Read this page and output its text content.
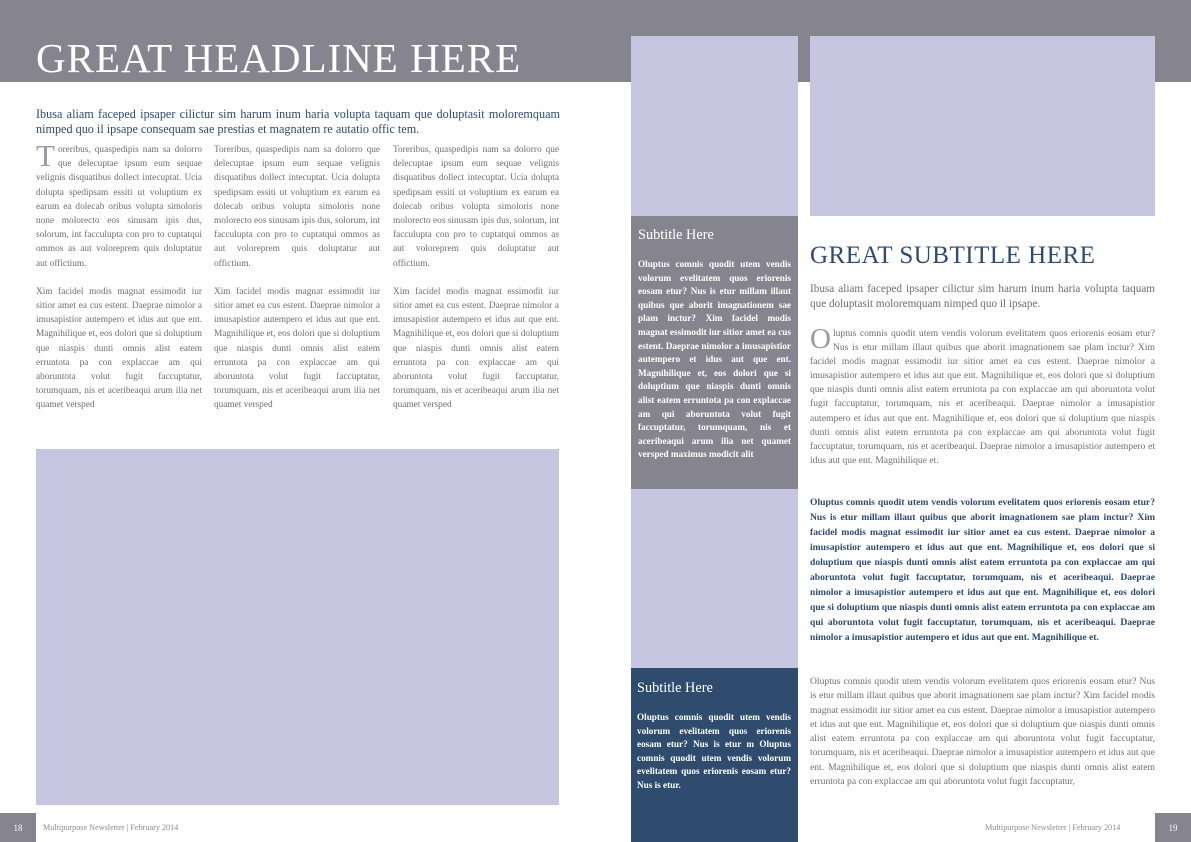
GREAT HEADLINE HERE
Ibusa aliam faceped ipsaper cilictur sim harum inum haria volupta taquam que doluptasit moloremquam nimped quo il ipsape consequam sae prestias et magnatem re autatio offic tem.

Toreribus, quaspedipis nam sa dolorro que delecuptae ipsum eum sequae velignis disquatibus dollect intecuptat. Ucia dolupta spedipsam essiti ut voluptium ex earum ea dolecab oribus volupta simoloris none molorecto eos sinusam ipis dus, solorum, int facculupta con pro to cuptatqui ommos as aut voloreprem quis doluptatur aut offictium.

Xim facidel modis magnat essimodit iur sitior amet ea cus estent. Daeprae nimolor a imusapistior autempero et idus aut que ent. Magnihilique et, eos dolori que si doluptium que niaspis dunti omnis alist eatem erruntota pa con explaccae am qui aboruntota volut fugit faccuptatur, torumquam, nis et aceribeaqui arum ilia net quamet versped

Toreribus, quaspedipis nam sa dolorro que delecuptae ipsum eum sequae velignis disquatibus dollect intecuptat. Ucia dolupta spedipsam essiti ut voluptium ex earum ea dolecab oribus volupta simoloris none molorecto eos sinusam ipis dus, solorum, int facculupta con pro to cuptatqui ommos as aut voloreprem quis doluptatur aut offictium.

Xim facidel modis magnat essimodit iur sitior amet ea cus estent. Daeprae nimolor a imusapistior autempero et idus aut que ent. Magnihilique et, eos dolori que si doluptium que niaspis dunti omnis alist eatem erruntota pa con explaccae am qui aboruntota volut fugit faccuptatur, torumquam, nis et aceribeaqui arum ilia net quamet versped

Toreribus, quaspedipis nam sa dolorro que delecuptae ipsum eum sequae velignis disquatibus dollect intecuptat. Ucia dolupta spedipsam essiti ut voluptium ex earum ea dolecab oribus volupta simoloris none molorecto eos sinusam ipis dus, solorum, int facculupta con pro to cuptatqui ommos as aut voloreprem quis doluptatur aut offictium.

Xim facidel modis magnat essimodit iur sitior amet ea cus estent. Daeprae nimolor a imusapistior autempero et idus aut que ent. Magnihilique et, eos dolori que si doluptium que niaspis dunti omnis alist eatem erruntota pa con explaccae am qui aboruntota volut fugit faccuptatur, torumquam, nis et aceribeaqui arum ilia net quamet versped

18	Multipurpose Newsletter | February 2014
Subtitle Here
Oluptus comnis quodit utem vendis volorum evelitatem quos eriorenis eosam etur? Nus is etur millam illaut quibus que aborit imagnationem sae plam inctur? Xim facidel modis magnat essimodit iur sitior amet ea cus estent. Daeprae nimolor a imusapistior autempero et idus aut que ent. Magnihilique et, eos dolori que si doluptium que niaspis dunti omnis alist eatem erruntota pa con explaccae am qui aboruntota volut fugit faccuptatur, torumquam, nis et aceribeaqui arum ilia net quamet versped maximus modicit alit
Subtitle Here
Oluptus comnis quodit utem vendis volorum evelitatem quos eriorenis eosam etur? Nus is etur m Oluptus comnis quodit utem vendis volorum evelitatem quos eriorenis eosam etur? Nus is etur.
GREAT SUBTITLE HERE
Ibusa aliam faceped ipsaper cilictur sim harum inum haria volupta taquam que doluptasit moloremquam nimped quo il ipsape.
Oluptus comnis quodit utem vendis volorum evelitatem quos eriorenis eosam etur? Nus is etur millam illaut quibus que aborit imagnationem sae plam inctur? Xim facidel modis magnat essimodit iur sitior amet ea cus estent. Daeprae nimolor a imusapistior autempero et idus aut que ent. Magnihilique et, eos dolori que si doluptium que niaspis dunti omnis alist eatem erruntota pa con explaccae am qui aboruntota volut fugit faccuptatur, torumquam, nis et aceribeaqui. Daeprae nimolor a imusapistior autempero et idus aut que ent. Magnihilique et, eos dolori que si doluptium que niaspis dunti omnis alist eatem erruntota pa con explaccae am qui aboruntota volut fugit faccuptatur, torumquam, nis et aceribeaqui. Daeprae nimolor a imusapistior autempero et idus aut que ent. Magnihilique et.
Oluptus comnis quodit utem vendis volorum evelitatem quos eriorenis eosam etur? Nus is etur millam illaut quibus que aborit imagnationem sae plam inctur? Xim facidel modis magnat essimodit iur sitior amet ea cus estent. Daeprae nimolor a imusapistior autempero et idus aut que ent. Magnihilique et, eos dolori que si doluptium que niaspis dunti omnis alist eatem erruntota pa con explaccae am qui aboruntota volut fugit faccuptatur, torumquam, nis et aceribeaqui. Daeprae nimolor a imusapistior autempero et idus aut que ent. Magnihilique et, eos dolori que si doluptium que niaspis dunti omnis alist eatem erruntota pa con explaccae am qui aboruntota volut fugit faccuptatur, torumquam, nis et aceribeaqui. Daeprae nimolor a imusapistior autempero et idus aut que ent. Magnihilique et.
Oluptus comnis quodit utem vendis volorum evelitatem quos eriorenis eosam etur? Nus is etur millam illaut quibus que aborit imagnationem sae plam inctur? Xim facidel modis magnat essimodit iur sitior amet ea cus estent. Daeprae nimolor a imusapistior autempero et idus aut que ent. Magnihilique et, eos dolori que si doluptium que niaspis dunti omnis alist eatem erruntota pa con explaccae am qui aboruntota volut fugit faccuptatur, torumquam, nis et aceribeaqui. Daeprae nimolor a imusapistior autempero et idus aut que ent. Magnihilique et, eos dolori que si doluptium que niaspis dunti omnis alist eatem erruntota pa con explaccae am qui aboruntota volut fugit faccuptatur,
Multipurpose Newsletter | February 2014	19
